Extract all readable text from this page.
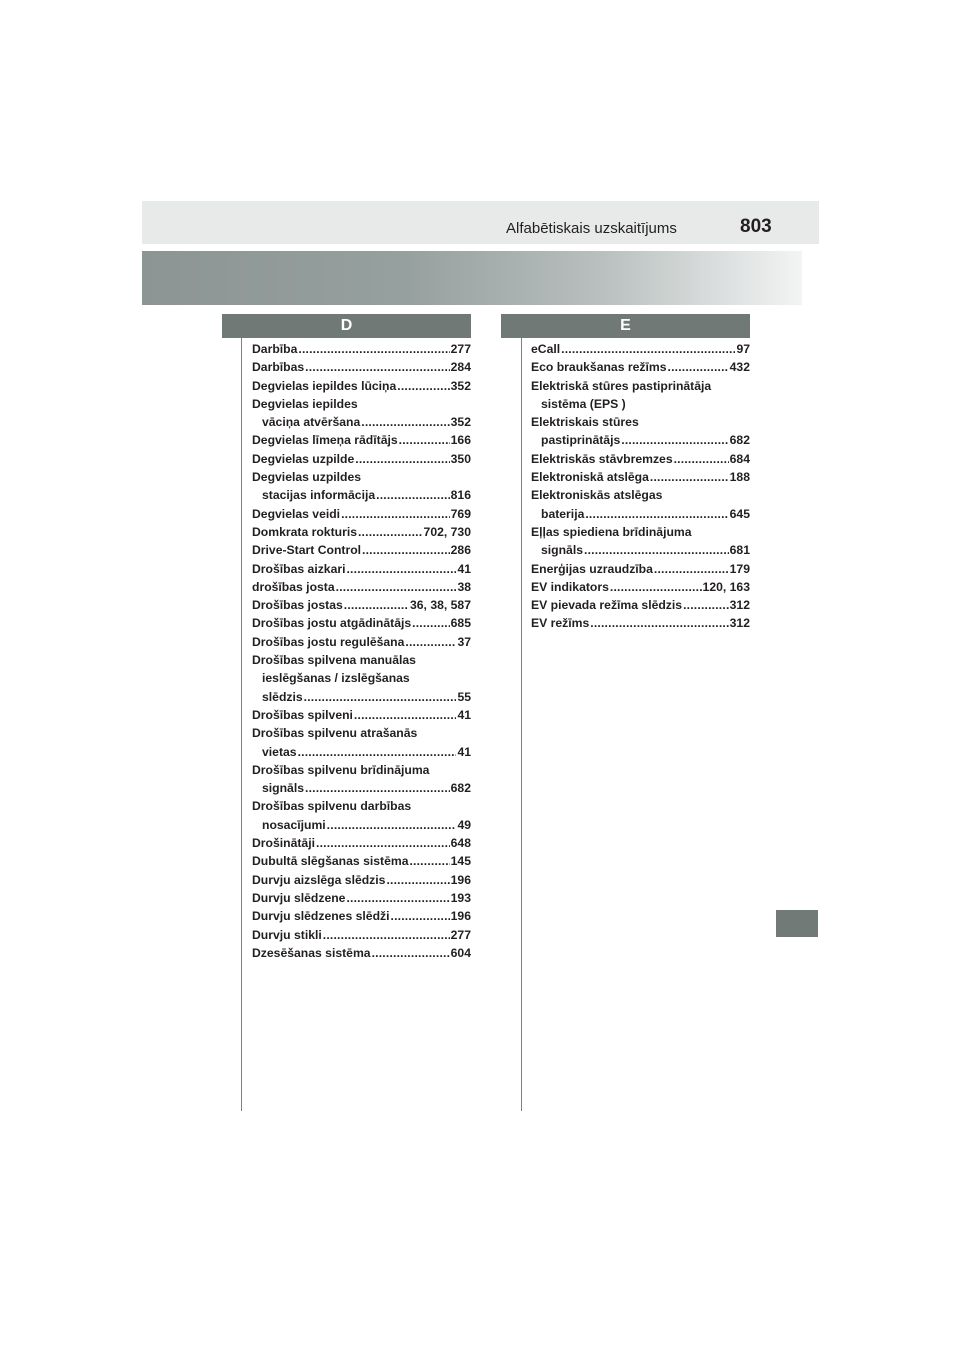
Alfabētiskais uzskaitījums	803
D	E
Darbība . . .	277
Darbības . . .	284
Degvielas iepildes lūciņa . . .	352
Degvielas iepildes
vāciņa atvēršana . . .	352
Degvielas līmeņa rādītājs . . .	166
Degvielas uzpilde . . .	350
Degvielas uzpildes
stacijas informācija . . .	816
Degvielas veidi . . .	769
Domkrata rokturis . . .	702, 730
Drive-Start Control . . .	286
Drošības aizkari . . .	41
drošības josta . . .	38
Drošības jostas . . .	36, 38, 587
Drošības jostu atgādinātājs . . .	685
Drošības jostu regulēšana . . .	37
Drošības spilvena manuālas
ieslēgšanas / izslēgšanas
slēdzis . . .	55
Drošības spilveni . . .	41
Drošības spilvenu atrašanās
vietas . . .	41
Drošības spilvenu brīdinājuma
signāls . . .	682
Drošības spilvenu darbības
nosacījumi . . .	49
Drošinātāji . . .	648
Dubultā slēgšanas sistēma . . .	145
Durvju aizslēga slēdzis . . .	196
Durvju slēdzene . . .	193
Durvju slēdzenes slēdži . . .	196
Durvju stikli . . .	277
Dzesēšanas sistēma . . .	604
eCall . . .	97
Eco braukšanas režīms . . .	432
Elektriskā stūres pastiprinātāja
sistēma (EPS )
Elektriskais stūres
pastiprinātājs . . .	682
Elektriskās stāvbremzes . . .	684
Elektroniskā atslēga . . .	188
Elektroniskās atslēgas
baterija . . .	645
Eļļas spiediena brīdinājuma
signāls . . .	681
Enerģijas uzraudzība . . .	179
EV indikators . . .	120, 163
EV pievada režīma slēdzis . . .	312
EV režīms . . .	312
